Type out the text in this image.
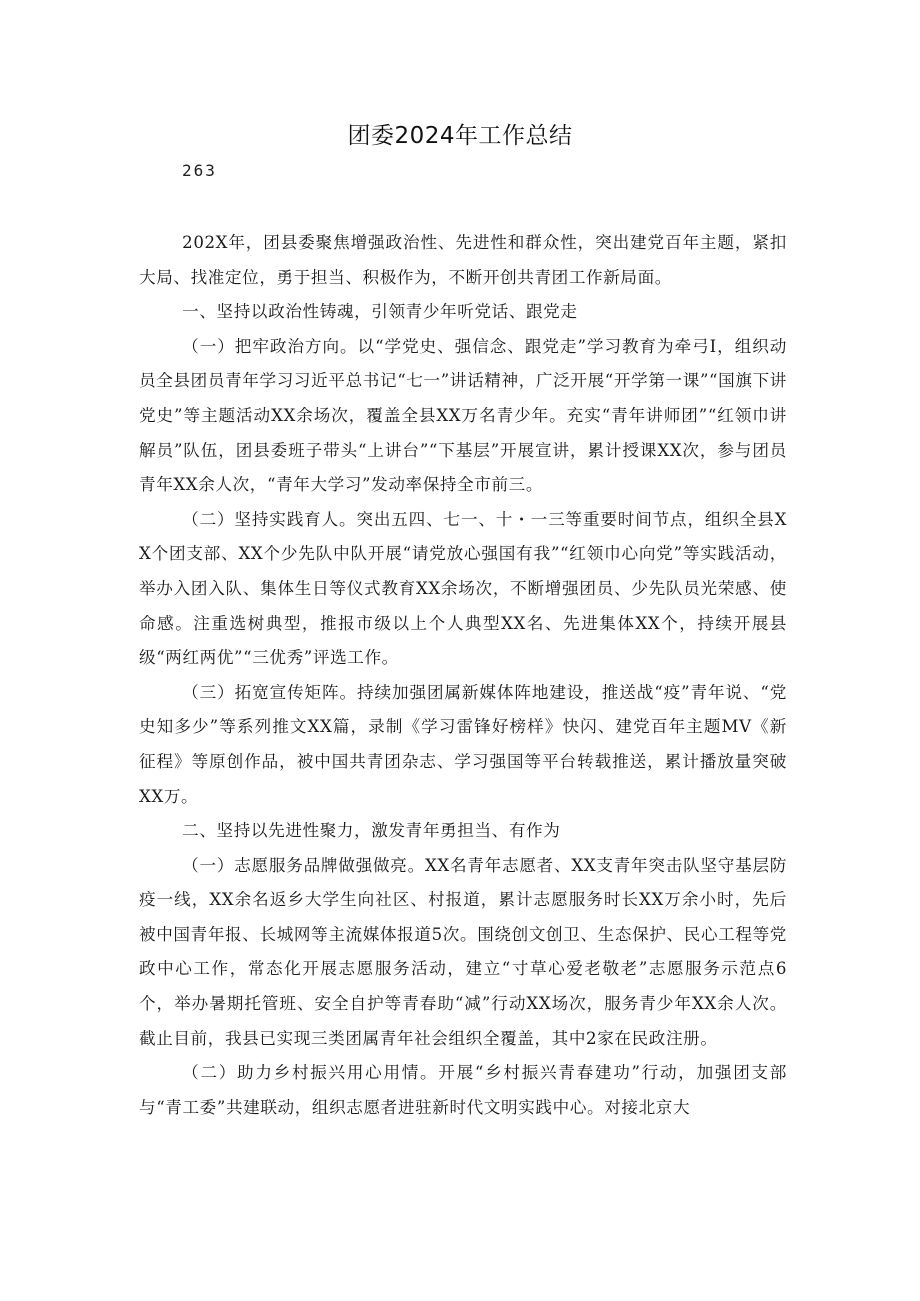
团委2024年工作总结
263

202X年，团县委聚焦增强政治性、先进性和群众性，突出建党百年主题，紧扣大局、找准定位，勇于担当、积极作为，不断开创共青团工作新局面。

一、坚持以政治性铸魂，引领青少年听党话、跟党走

（一）把牢政治方向。以“学党史、强信念、跟党走”学习教育为牵弓I，组织动员全县团员青年学习习近平总书记“七一”讲话精神，广泛开展“开学第一课”“国旗下讲党史”等主题活动XX余场次，覆盖全县XX万名青少年。充实“青年讲师团”“红领巾讲解员”队伍，团县委班子带头“上讲台”“下基层”开展宣讲，累计授课XX次，参与团员青年XX余人次，“青年大学习”发动率保持全市前三。

（二）坚持实践育人。突出五四、七一、十・一三等重要时间节点，组织全县XX个团支部、XX个少先队中队开展“请党放心强国有我”“红领巾心向党”等实践活动，举办入团入队、集体生日等仪式教育XX余场次，不断增强团员、少先队员光荣感、使命感。注重选树典型，推报市级以上个人典型XX名、先进集体XX个，持续开展县级“两红两优”“三优秀”评选工作。

（三）拓宽宣传矩阵。持续加强团属新媒体阵地建设，推送战“疫”青年说、“党史知多少”等系列推文XX篇，录制《学习雷锋好榜样》快闪、建党百年主题MV《新征程》等原创作品，被中国共青团杂志、学习强国等平台转载推送，累计播放量突破XX万。

二、坚持以先进性聚力，激发青年勇担当、有作为

（一）志愿服务品牌做强做亮。XX名青年志愿者、XX支青年突击队坚守基层防疫一线，XX余名返乡大学生向社区、村报道，累计志愿服务时长XX万余小时，先后被中国青年报、长城网等主流媒体报道5次。围绕创文创卫、生态保护、民心工程等党政中心工作，常态化开展志愿服务活动，建立“寸草心爱老敬老”志愿服务示范点6个，举办暑期托管班、安全自护等青春助“减”行动XX场次，服务青少年XX余人次。截止目前，我县已实现三类团属青年社会组织全覆盖，其中2家在民政注册。

（二）助力乡村振兴用心用情。开展“乡村振兴青春建功”行动，加强团支部与“青工委”共建联动，组织志愿者进驻新时代文明实践中心。对接北京大
